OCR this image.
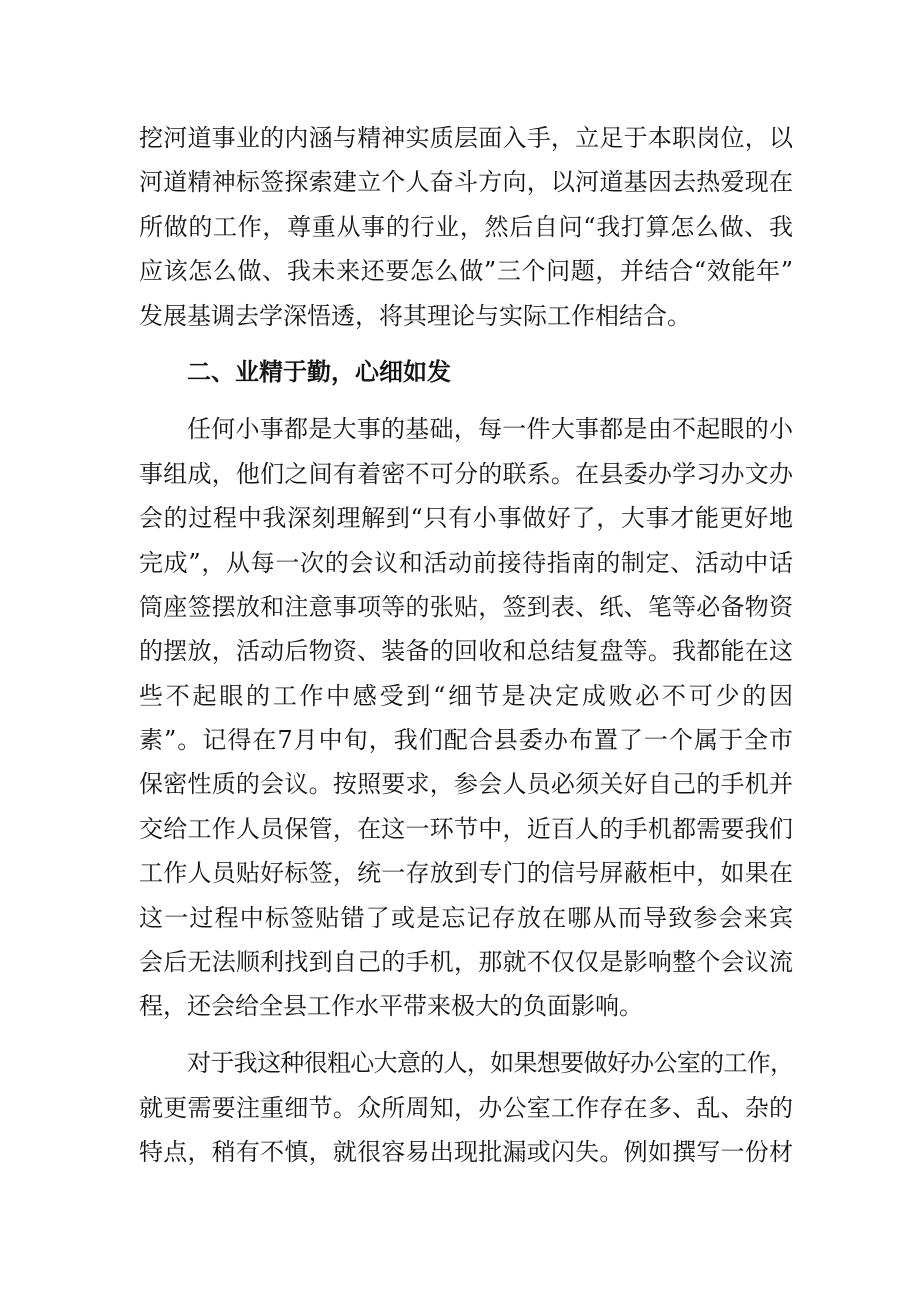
挖河道事业的内涵与精神实质层面入手，立足于本职岗位，以
河道精神标签探索建立个人奋斗方向，以河道基因去热爱现在
所做的工作，尊重从事的行业，然后自问“我打算怎么做、我
应该怎么做、我未来还要怎么做”三个问题，并结合“效能年”
发展基调去学深悟透，将其理论与实际工作相结合。
二、业精于勤，心细如发
任何小事都是大事的基础，每一件大事都是由不起眼的小
事组成，他们之间有着密不可分的联系。在县委办学习办文办
会的过程中我深刻理解到“只有小事做好了，大事才能更好地
完成”，从每一次的会议和活动前接待指南的制定、活动中话
筒座签摆放和注意事项等的张贴，签到表、纸、笔等必备物资
的摆放，活动后物资、装备的回收和总结复盘等。我都能在这
些不起眼的工作中感受到“细节是决定成败必不可少的因
素”。记得在7月中旬，我们配合县委办布置了一个属于全市
保密性质的会议。按照要求，参会人员必须关好自己的手机并
交给工作人员保管，在这一环节中，近百人的手机都需要我们
工作人员贴好标签，统一存放到专门的信号屏蔽柜中，如果在
这一过程中标签贴错了或是忘记存放在哪从而导致参会来宾
会后无法顺利找到自己的手机，那就不仅仅是影响整个会议流
程，还会给全县工作水平带来极大的负面影响。
对于我这种很粗心大意的人，如果想要做好办公室的工作，
就更需要注重细节。众所周知，办公室工作存在多、乱、杂的
特点，稍有不慎，就很容易出现批漏或闪失。例如撰写一份材
